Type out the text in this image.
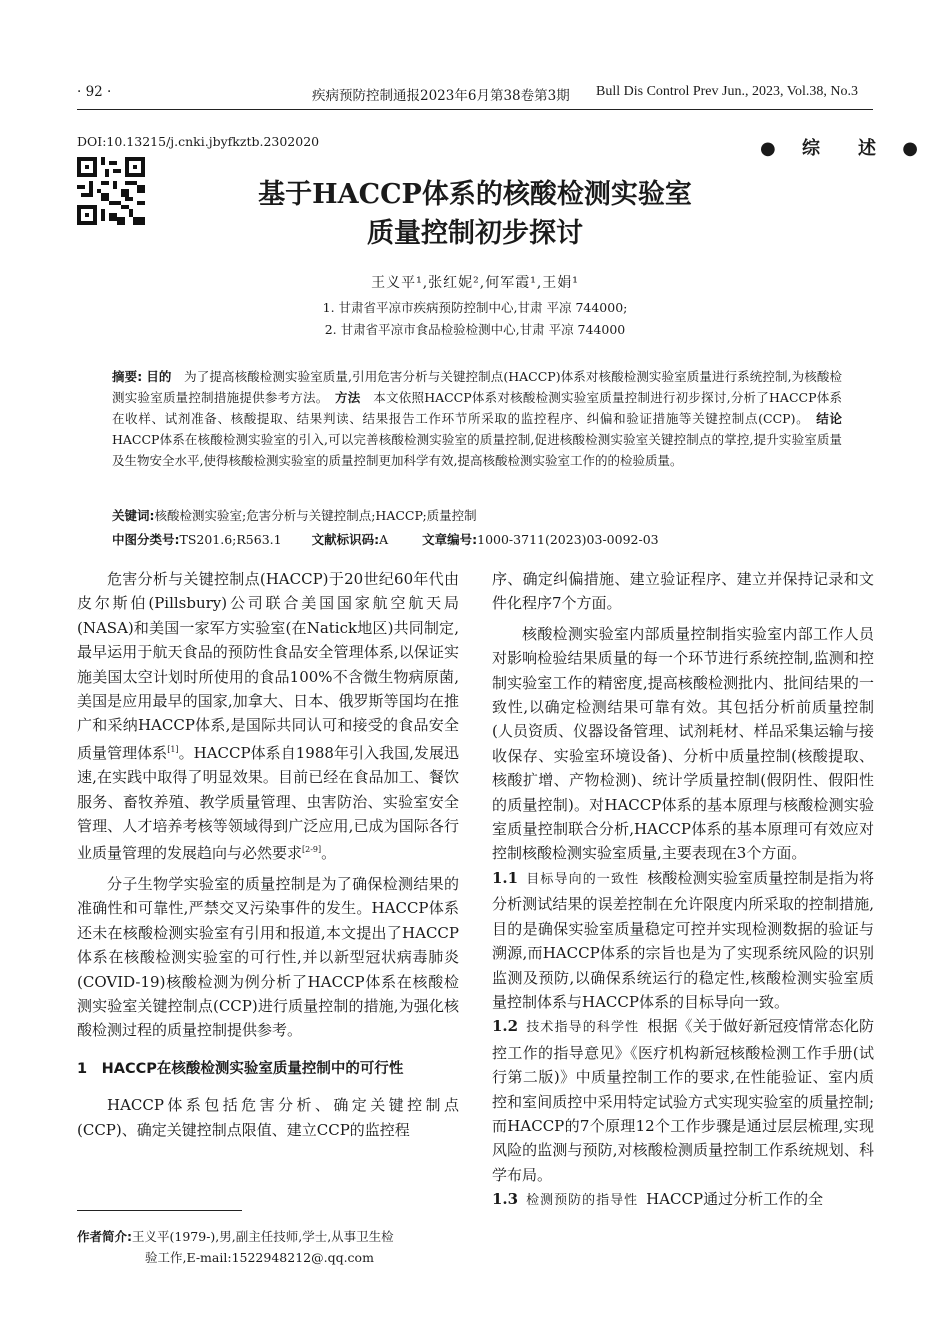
· 92 ·	疾病预防控制通报2023年6月第38卷第3期 Bull Dis Control Prev Jun., 2023, Vol.38, No.3
DOI:10.13215/j.cnki.jbyfkztb.2302020	● 综　述 ●
基于HACCP体系的核酸检测实验室
质量控制初步探讨
王义平¹,张红妮²,何军霞¹,王娟¹
1. 甘肃省平凉市疾病预防控制中心,甘肃 平凉 744000;
2. 甘肃省平凉市食品检验检测中心,甘肃 平凉 744000
摘要: 目的　 为了提高核酸检测实验室质量,引用危害分析与关键控制点(HACCP)体系对核酸检测实验室质量进行系统控制,为核酸检测实验室质量控制措施提供参考方法。　 方法　 本文依照HACCP体系对核酸检测实验室质量控制进行初步探讨,分析了HACCP体系在收样、试剂准备、核酸提取、结果判读、结果报告工作环节所采取的监控程序、纠偏和验证措施等关键控制点(CCP)。　 结论　HACCP体系在核酸检测实验室的引入,可以完善核酸检测实验室的质量控制,促进核酸检测实验室关键控制点的掌控,提升实验室质量及生物安全水平,使得核酸检测实验室的质量控制更加科学有效,提高核酸检测实验室工作的的检验质量。
关键词:核酸检测实验室;危害分析与关键控制点;HACCP;质量控制
中图分类号:TS201.6;R563.1 文献标识码:A	文章编号:1000-3711(2023)03-0092-03

危害分析与关键控制点(HACCP)于20世纪60年代由皮尔斯伯(Pillsbury)公司联合美国国家航空航天局(NASA)和美国一家军方实验室(在Natick地区)共同制定,最早运用于航天食品的预防性食品安全管理体系,以保证实施美国太空计划时所使用的食品100%不含微生物病原菌,美国是应用最早的国家,加拿大、日本、俄罗斯等国均在推广和采纳HACCP体系,是国际共同认可和接受的食品安全质量管理体系[1]。HACCP体系自1988年引入我国,发展迅速,在实践中取得了明显效果。目前已经在食品加工、餐饮服务、畜牧养殖、教学质量管理、虫害防治、实验室安全管理、人才培养考核等领域得到广泛应用,已成为国际各行业质量管理的发展趋向与必然要求[2-9]。

分子生物学实验室的质量控制是为了确保检测结果的准确性和可靠性,严禁交叉污染事件的发生。HACCP体系还未在核酸检测实验室有引用和报道,本文提出了HACCP体系在核酸检测实验室的可行性,并以新型冠状病毒肺炎(COVID-19)核酸检测为例分析了HACCP体系在核酸检测实验室关键控制点(CCP)进行质量控制的措施,为强化核酸检测过程的质量控制提供参考。

1　HACCP在核酸检测实验室质量控制中的可行性

HACCP体系包括危害分析、确定关键控制点(CCP)、确定关键控制点限值、建立CCP的监控程

序、确定纠偏措施、建立验证程序、建立并保持记录和文件化程序7个方面。

核酸检测实验室内部质量控制指实验室内部工作人员对影响检验结果质量的每一个环节进行系统控制,监测和控制实验室工作的精密度,提高核酸检测批内、批间结果的一致性,以确定检测结果可靠有效。其包括分析前质量控制(人员资质、仪器设备管理、试剂耗材、样品采集运输与接收保存、实验室环境设备)、分析中质量控制(核酸提取、核酸扩增、产物检测)、统计学质量控制(假阴性、假阳性的质量控制)。对HACCP体系的基本原理与核酸检测实验室质量控制联合分析,HACCP体系的基本原理可有效应对控制核酸检测实验室质量,主要表现在3个方面。

1.1 目标导向的一致性 核酸检测实验室质量控制是指为将分析测试结果的误差控制在允许限度内所采取的控制措施,目的是确保实验室质量稳定可控并实现检测数据的验证与溯源,而HACCP体系的宗旨也是为了实现系统风险的识别监测及预防,以确保系统运行的稳定性,核酸检测实验室质量控制体系与HACCP体系的目标导向一致。

1.2 技术指导的科学性 根据《关于做好新冠疫情常态化防控工作的指导意见》《医疗机构新冠核酸检测工作手册(试行第二版)》中质量控制工作的要求,在性能验证、室内质控和室间质控中采用特定试验方式实现实验室的质量控制;而HACCP的7个原理12个工作步骤是通过层层梳理,实现风险的监测与预防,对核酸检测质量控制工作系统规划、科学布局。

1.3 检测预防的指导性 HACCP通过分析工作的全

作者简介:王义平(1979-),男,副主任技师,学士,从事卫生检
验工作,E-mail:1522948212@.qq.com
